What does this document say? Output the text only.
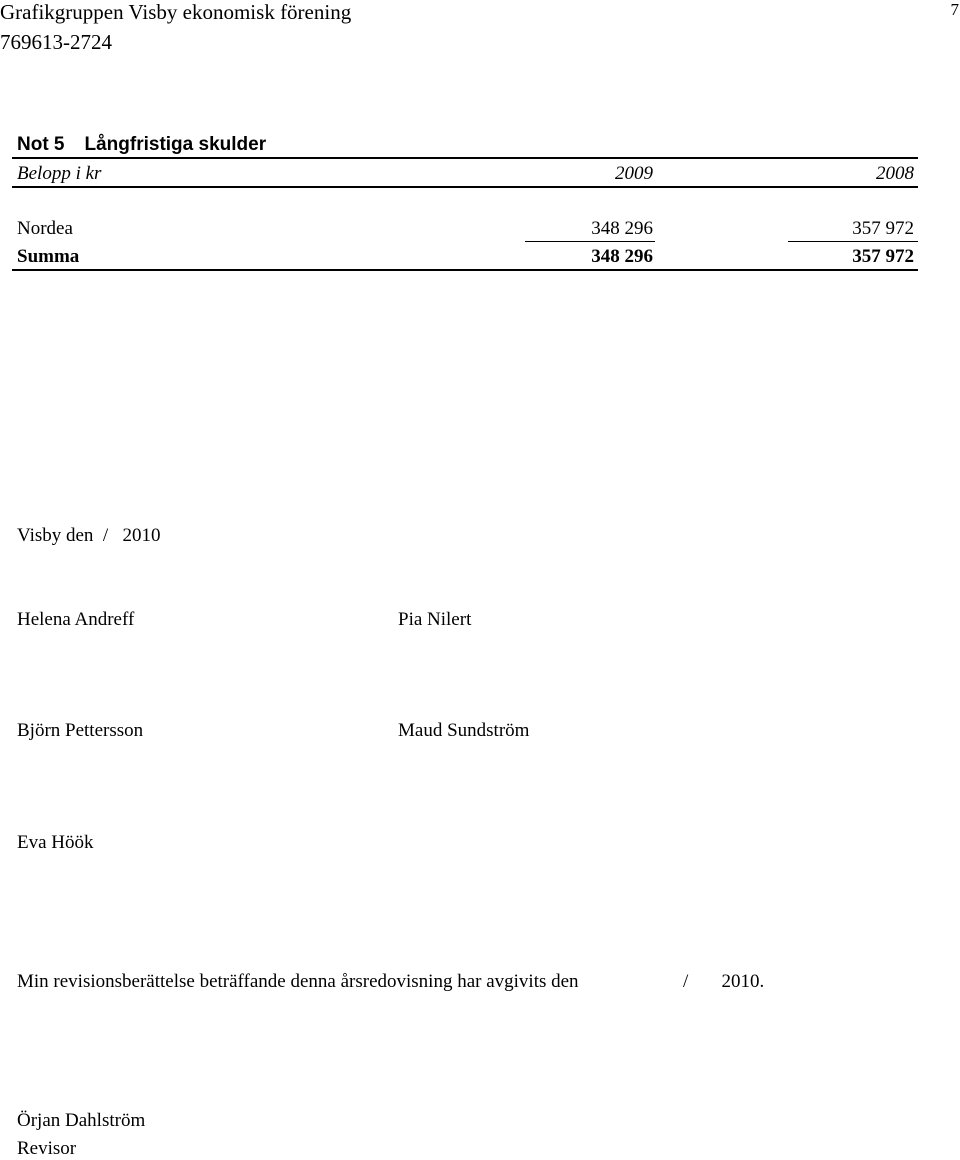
Grafikgruppen Visby ekonomisk förening
769613-2724
7
Not 5 Långfristiga skulder
Belopp i kr	2009	2008
Nordea	348 296	357 972
Summa	348 296	357 972
Visby den  /   2010
Helena Andreff	Pia Nilert
Björn Pettersson	Maud Sundström
Eva Höök
Min revisionsberättelse beträffande denna årsredovisning har avgivits den	/       2010.
Örjan Dahlström
Revisor
